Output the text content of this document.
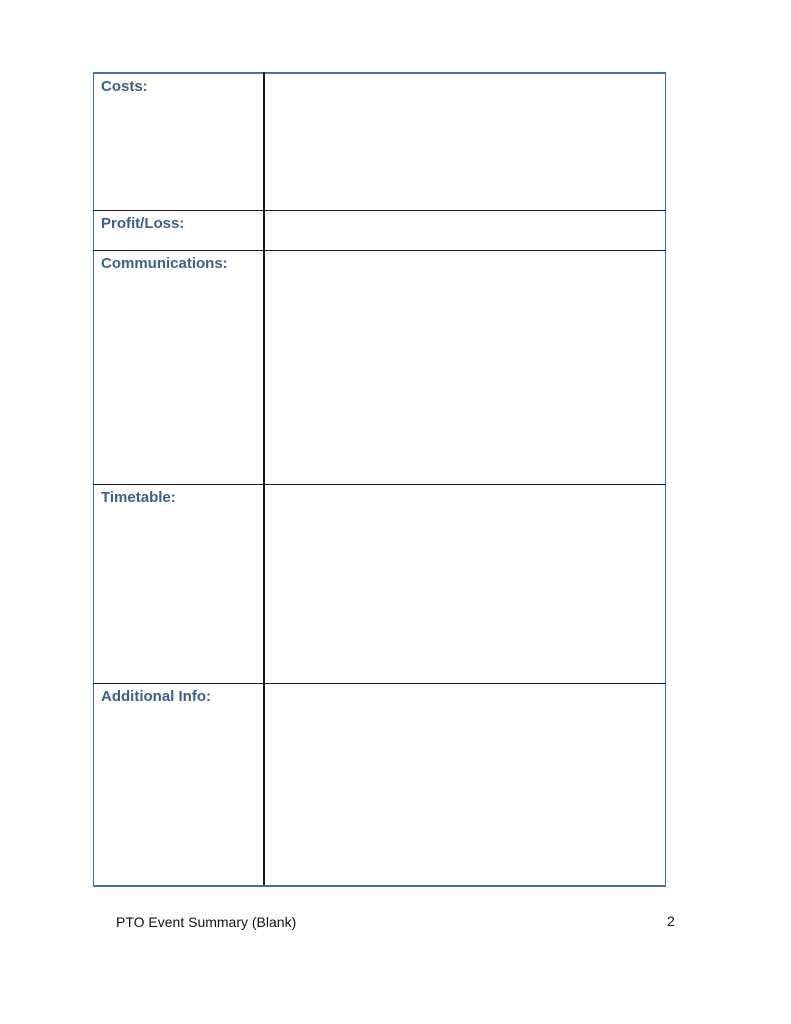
Costs:	

Profit/Loss:	

Communications:	

Timetable:	

Additional Info:	

PTO Event Summary (Blank)	2
